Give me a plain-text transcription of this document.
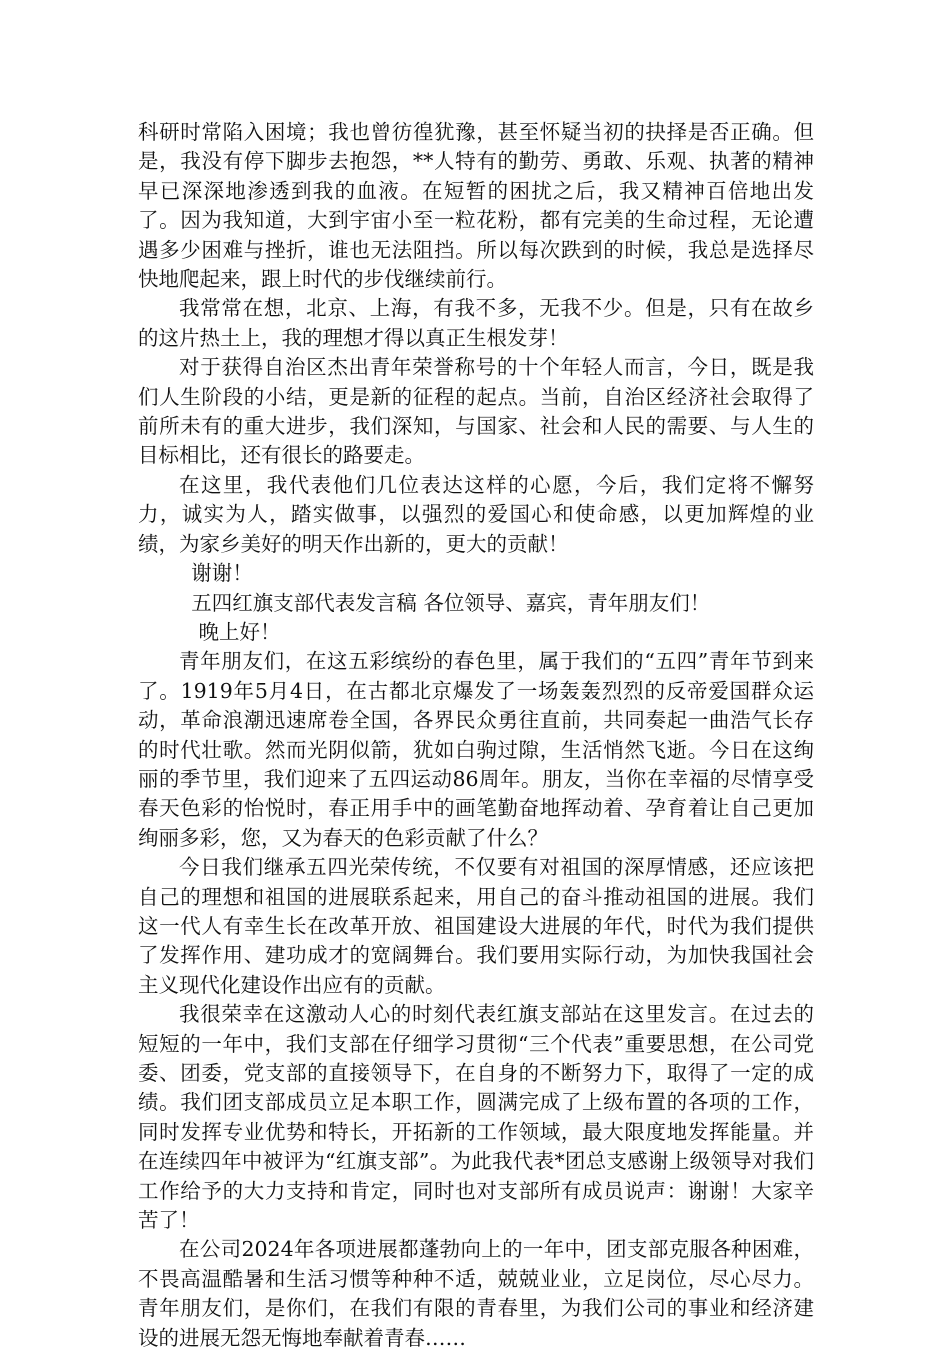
科研时常陷入困境；我也曾彷徨犹豫，甚至怀疑当初的抉择是否正确。但是，我没有停下脚步去抱怨，**人特有的勤劳、勇敢、乐观、执著的精神早已深深地渗透到我的血液。在短暂的困扰之后，我又精神百倍地出发了。因为我知道，大到宇宙小至一粒花粉，都有完美的生命过程，无论遭遇多少困难与挫折，谁也无法阻挡。所以每次跌到的时候，我总是选择尽快地爬起来，跟上时代的步伐继续前行。

我常常在想，北京、上海，有我不多，无我不少。但是，只有在故乡的这片热土上，我的理想才得以真正生根发芽！

对于获得自治区杰出青年荣誉称号的十个年轻人而言，今日，既是我们人生阶段的小结，更是新的征程的起点。当前，自治区经济社会取得了前所未有的重大进步，我们深知，与国家、社会和人民的需要、与人生的目标相比，还有很长的路要走。

在这里，我代表他们几位表达这样的心愿，今后，我们定将不懈努力，诚实为人，踏实做事，以强烈的爱国心和使命感，以更加辉煌的业绩，为家乡美好的明天作出新的，更大的贡献！

谢谢！

五四红旗支部代表发言稿 各位领导、嘉宾，青年朋友们！

晚上好！

青年朋友们，在这五彩缤纷的春色里，属于我们的“五四”青年节到来了。1919年5月4日，在古都北京爆发了一场轰轰烈烈的反帝爱国群众运动，革命浪潮迅速席卷全国，各界民众勇往直前，共同奏起一曲浩气长存的时代壮歌。然而光阴似箭，犹如白驹过隙，生活悄然飞逝。今日在这绚丽的季节里，我们迎来了五四运动86周年。朋友，当你在幸福的尽情享受春天色彩的怡悦时，春正用手中的画笔勤奋地挥动着、孕育着让自己更加绚丽多彩，您，又为春天的色彩贡献了什么？

今日我们继承五四光荣传统，不仅要有对祖国的深厚情感，还应该把自己的理想和祖国的进展联系起来，用自己的奋斗推动祖国的进展。我们这一代人有幸生长在改革开放、祖国建设大进展的年代，时代为我们提供了发挥作用、建功成才的宽阔舞台。我们要用实际行动，为加快我国社会主义现代化建设作出应有的贡献。

我很荣幸在这激动人心的时刻代表红旗支部站在这里发言。在过去的短短的一年中，我们支部在仔细学习贯彻“三个代表”重要思想，在公司党委、团委，党支部的直接领导下，在自身的不断努力下，取得了一定的成绩。我们团支部成员立足本职工作，圆满完成了上级布置的各项的工作，同时发挥专业优势和特长，开拓新的工作领域，最大限度地发挥能量。并在连续四年中被评为“红旗支部”。为此我代表*团总支感谢上级领导对我们工作给予的大力支持和肯定，同时也对支部所有成员说声：谢谢！大家辛苦了！

在公司2024年各项进展都蓬勃向上的一年中，团支部克服各种困难，不畏高温酷暑和生活习惯等种种不适，兢兢业业，立足岗位，尽心尽力。青年朋友们，是你们，在我们有限的青春里，为我们公司的事业和经济建设的进展无怨无悔地奉献着青春……
